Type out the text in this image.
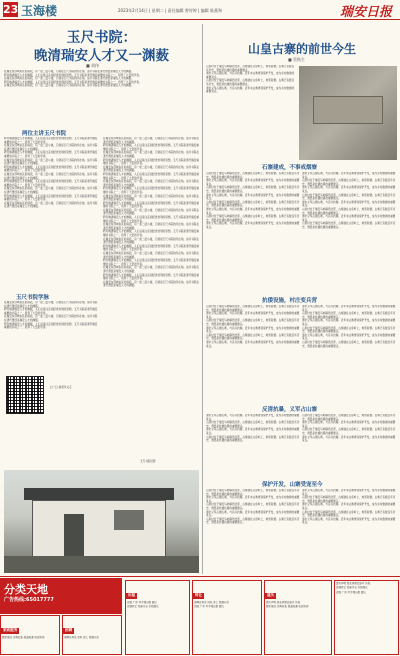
23 玉海楼	2023年2月14日 | 星期二 | 责任编辑 曾妤婷 | 编辑 陈燕和	瑞安日报
玉尺书院：
晚清瑞安人才又一渊薮
■ 胡伟
在瑞安东部城东区的南段，有一座二层小楼，它就是玉尺书院的所在地。这所书院在清代曾经是瑞安人才的渊薮。
研究晚清瑞安人才的渊薮，人们总是注意到经世致用的思想。玉尺书院是清代瑞安重要的书院之一，培养了大量的学者。
在瑞安东部城东区的南段，有一座二层小楼，它就是玉尺书院的所在地。这所书院在清代曾经是瑞安人才的渊薮。
研究晚清瑞安人才的渊薮，人们总是注意到经世致用的思想。玉尺书院是清代瑞安重要的书院之一，培养了大量的学者。
在瑞安东部城东区的南段，有一座二层小楼，它就是玉尺书院的所在地。这所书院在清代曾经是瑞安人才的渊薮。
两位主讲玉尺书院
研究晚清瑞安人才的渊薮，人们总是注意到经世致用的思想。玉尺书院是清代瑞安重要的书院之一，培养了大量的学者。
在瑞安东部城东区的南段，有一座二层小楼，它就是玉尺书院的所在地。这所书院在清代曾经是瑞安人才的渊薮。
研究晚清瑞安人才的渊薮，人们总是注意到经世致用的思想。玉尺书院是清代瑞安重要的书院之一，培养了大量的学者。
在瑞安东部城东区的南段，有一座二层小楼，它就是玉尺书院的所在地。这所书院在清代曾经是瑞安人才的渊薮。
研究晚清瑞安人才的渊薮，人们总是注意到经世致用的思想。玉尺书院是清代瑞安重要的书院之一，培养了大量的学者。
在瑞安东部城东区的南段，有一座二层小楼，它就是玉尺书院的所在地。这所书院在清代曾经是瑞安人才的渊薮。
研究晚清瑞安人才的渊薮，人们总是注意到经世致用的思想。玉尺书院是清代瑞安重要的书院之一，培养了大量的学者。
在瑞安东部城东区的南段，有一座二层小楼，它就是玉尺书院的所在地。这所书院在清代曾经是瑞安人才的渊薮。
研究晚清瑞安人才的渊薮，人们总是注意到经世致用的思想。玉尺书院是清代瑞安重要的书院之一，培养了大量的学者。
在瑞安东部城东区的南段，有一座二层小楼，它就是玉尺书院的所在地。这所书院在清代曾经是瑞安人才的渊薮。
在瑞安东部城东区的南段，有一座二层小楼，它就是玉尺书院的所在地。这所书院在清代曾经是瑞安人才的渊薮。
研究晚清瑞安人才的渊薮，人们总是注意到经世致用的思想。玉尺书院是清代瑞安重要的书院之一，培养了大量的学者。
在瑞安东部城东区的南段，有一座二层小楼，它就是玉尺书院的所在地。这所书院在清代曾经是瑞安人才的渊薮。
研究晚清瑞安人才的渊薮，人们总是注意到经世致用的思想。玉尺书院是清代瑞安重要的书院之一，培养了大量的学者。
在瑞安东部城东区的南段，有一座二层小楼，它就是玉尺书院的所在地。这所书院在清代曾经是瑞安人才的渊薮。
研究晚清瑞安人才的渊薮，人们总是注意到经世致用的思想。玉尺书院是清代瑞安重要的书院之一，培养了大量的学者。
在瑞安东部城东区的南段，有一座二层小楼，它就是玉尺书院的所在地。这所书院在清代曾经是瑞安人才的渊薮。
研究晚清瑞安人才的渊薮，人们总是注意到经世致用的思想。玉尺书院是清代瑞安重要的书院之一，培养了大量的学者。
在瑞安东部城东区的南段，有一座二层小楼，它就是玉尺书院的所在地。这所书院在清代曾经是瑞安人才的渊薮。
研究晚清瑞安人才的渊薮，人们总是注意到经世致用的思想。玉尺书院是清代瑞安重要的书院之一，培养了大量的学者。
在瑞安东部城东区的南段，有一座二层小楼，它就是玉尺书院的所在地。这所书院在清代曾经是瑞安人才的渊薮。
研究晚清瑞安人才的渊薮，人们总是注意到经世致用的思想。玉尺书院是清代瑞安重要的书院之一，培养了大量的学者。
在瑞安东部城东区的南段，有一座二层小楼，它就是玉尺书院的所在地。这所书院在清代曾经是瑞安人才的渊薮。
研究晚清瑞安人才的渊薮，人们总是注意到经世致用的思想。玉尺书院是清代瑞安重要的书院之一，培养了大量的学者。
在瑞安东部城东区的南段，有一座二层小楼，它就是玉尺书院的所在地。这所书院在清代曾经是瑞安人才的渊薮。
研究晚清瑞安人才的渊薮，人们总是注意到经世致用的思想。玉尺书院是清代瑞安重要的书院之一，培养了大量的学者。
在瑞安东部城东区的南段，有一座二层小楼，它就是玉尺书院的所在地。这所书院在清代曾经是瑞安人才的渊薮。
研究晚清瑞安人才的渊薮，人们总是注意到经世致用的思想。玉尺书院是清代瑞安重要的书院之一，培养了大量的学者。
在瑞安东部城东区的南段，有一座二层小楼，它就是玉尺书院的所在地。这所书院在清代曾经是瑞安人才的渊薮。
研究晚清瑞安人才的渊薮，人们总是注意到经世致用的思想。玉尺书院是清代瑞安重要的书院之一，培养了大量的学者。
在瑞安东部城东区的南段，有一座二层小楼，它就是玉尺书院的所在地。这所书院在清代曾经是瑞安人才的渊薮。
玉尺书院学脉
在瑞安东部城东区的南段，有一座二层小楼，它就是玉尺书院的所在地。这所书院在清代曾经是瑞安人才的渊薮。
研究晚清瑞安人才的渊薮，人们总是注意到经世致用的思想。玉尺书院是清代瑞安重要的书院之一，培养了大量的学者。
在瑞安东部城东区的南段，有一座二层小楼，它就是玉尺书院的所在地。这所书院在清代曾经是瑞安人才的渊薮。
研究晚清瑞安人才的渊薮，人们总是注意到经世致用的思想。玉尺书院是清代瑞安重要的书院之一，培养了大量的学者。
扫一扫 看更多文章
玉尺书院旧影
山皇古寨的前世今生
■ 蔡秋生
山皇村位于瑞安马屿镇西北部，古寨建在山皇岭上，地势险要。古寨已有数百年历史，曾经是抗倭抗暴的重要据点。
清末义军占据山寨，与官兵抗衡。近年来古寨得到保护开发，成为乡村旅游的重要景点。
山皇村位于瑞安马屿镇西北部，古寨建在山皇岭上，地势险要。古寨已有数百年历史，曾经是抗倭抗暴的重要据点。
清末义军占据山寨，与官兵抗衡。近年来古寨得到保护开发，成为乡村旅游的重要景点。
石寨建成，不事戒烟寮
山皇村位于瑞安马屿镇西北部，古寨建在山皇岭上，地势险要。古寨已有数百年历史，曾经是抗倭抗暴的重要据点。
清末义军占据山寨，与官兵抗衡。近年来古寨得到保护开发，成为乡村旅游的重要景点。
山皇村位于瑞安马屿镇西北部，古寨建在山皇岭上，地势险要。古寨已有数百年历史，曾经是抗倭抗暴的重要据点。
清末义军占据山寨，与官兵抗衡。近年来古寨得到保护开发，成为乡村旅游的重要景点。
山皇村位于瑞安马屿镇西北部，古寨建在山皇岭上，地势险要。古寨已有数百年历史，曾经是抗倭抗暴的重要据点。
清末义军占据山寨，与官兵抗衡。近年来古寨得到保护开发，成为乡村旅游的重要景点。
山皇村位于瑞安马屿镇西北部，古寨建在山皇岭上，地势险要。古寨已有数百年历史，曾经是抗倭抗暴的重要据点。
清末义军占据山寨，与官兵抗衡。近年来古寨得到保护开发，成为乡村旅游的重要景点。
清末义军占据山寨，与官兵抗衡。近年来古寨得到保护开发，成为乡村旅游的重要景点。
山皇村位于瑞安马屿镇西北部，古寨建在山皇岭上，地势险要。古寨已有数百年历史，曾经是抗倭抗暴的重要据点。
清末义军占据山寨，与官兵抗衡。近年来古寨得到保护开发，成为乡村旅游的重要景点。
山皇村位于瑞安马屿镇西北部，古寨建在山皇岭上，地势险要。古寨已有数百年历史，曾经是抗倭抗暴的重要据点。
清末义军占据山寨，与官兵抗衡。近年来古寨得到保护开发，成为乡村旅游的重要景点。
山皇村位于瑞安马屿镇西北部，古寨建在山皇岭上，地势险要。古寨已有数百年历史，曾经是抗倭抗暴的重要据点。
清末义军占据山寨，与官兵抗衡。近年来古寨得到保护开发，成为乡村旅游的重要景点。
山皇村位于瑞安马屿镇西北部，古寨建在山皇岭上，地势险要。古寨已有数百年历史，曾经是抗倭抗暴的重要据点。
抗倭设施，村庄变兵营
山皇村位于瑞安马屿镇西北部，古寨建在山皇岭上，地势险要。古寨已有数百年历史，曾经是抗倭抗暴的重要据点。
清末义军占据山寨，与官兵抗衡。近年来古寨得到保护开发，成为乡村旅游的重要景点。
山皇村位于瑞安马屿镇西北部，古寨建在山皇岭上，地势险要。古寨已有数百年历史，曾经是抗倭抗暴的重要据点。
清末义军占据山寨，与官兵抗衡。近年来古寨得到保护开发，成为乡村旅游的重要景点。
山皇村位于瑞安马屿镇西北部，古寨建在山皇岭上，地势险要。古寨已有数百年历史，曾经是抗倭抗暴的重要据点。
清末义军占据山寨，与官兵抗衡。近年来古寨得到保护开发，成为乡村旅游的重要景点。
清末义军占据山寨，与官兵抗衡。近年来古寨得到保护开发，成为乡村旅游的重要景点。
山皇村位于瑞安马屿镇西北部，古寨建在山皇岭上，地势险要。古寨已有数百年历史，曾经是抗倭抗暴的重要据点。
清末义军占据山寨，与官兵抗衡。近年来古寨得到保护开发，成为乡村旅游的重要景点。
山皇村位于瑞安马屿镇西北部，古寨建在山皇岭上，地势险要。古寨已有数百年历史，曾经是抗倭抗暴的重要据点。
清末义军占据山寨，与官兵抗衡。近年来古寨得到保护开发，成为乡村旅游的重要景点。
山皇村位于瑞安马屿镇西北部，古寨建在山皇岭上，地势险要。古寨已有数百年历史，曾经是抗倭抗暴的重要据点。
反清抗暴，义军占山寨
清末义军占据山寨，与官兵抗衡。近年来古寨得到保护开发，成为乡村旅游的重要景点。
山皇村位于瑞安马屿镇西北部，古寨建在山皇岭上，地势险要。古寨已有数百年历史，曾经是抗倭抗暴的重要据点。
清末义军占据山寨，与官兵抗衡。近年来古寨得到保护开发，成为乡村旅游的重要景点。
山皇村位于瑞安马屿镇西北部，古寨建在山皇岭上，地势险要。古寨已有数百年历史，曾经是抗倭抗暴的重要据点。
山皇村位于瑞安马屿镇西北部，古寨建在山皇岭上，地势险要。古寨已有数百年历史，曾经是抗倭抗暴的重要据点。
清末义军占据山寨，与官兵抗衡。近年来古寨得到保护开发，成为乡村旅游的重要景点。
山皇村位于瑞安马屿镇西北部，古寨建在山皇岭上，地势险要。古寨已有数百年历史，曾经是抗倭抗暴的重要据点。
清末义军占据山寨，与官兵抗衡。近年来古寨得到保护开发，成为乡村旅游的重要景点。
保护开发，山寨受宠至今
山皇村位于瑞安马屿镇西北部，古寨建在山皇岭上，地势险要。古寨已有数百年历史，曾经是抗倭抗暴的重要据点。
清末义军占据山寨，与官兵抗衡。近年来古寨得到保护开发，成为乡村旅游的重要景点。
山皇村位于瑞安马屿镇西北部，古寨建在山皇岭上，地势险要。古寨已有数百年历史，曾经是抗倭抗暴的重要据点。
清末义军占据山寨，与官兵抗衡。近年来古寨得到保护开发，成为乡村旅游的重要景点。
山皇村位于瑞安马屿镇西北部，古寨建在山皇岭上，地势险要。古寨已有数百年历史，曾经是抗倭抗暴的重要据点。
清末义军占据山寨，与官兵抗衡。近年来古寨得到保护开发，成为乡村旅游的重要景点。
山皇村位于瑞安马屿镇西北部，古寨建在山皇岭上，地势险要。古寨已有数百年历史，曾经是抗倭抗暴的重要据点。
清末义军占据山寨，与官兵抗衡。近年来古寨得到保护开发，成为乡村旅游的重要景点。
山皇村位于瑞安马屿镇西北部，古寨建在山皇岭上，地势险要。古寨已有数百年历史，曾经是抗倭抗暴的重要据点。
清末义军占据山寨，与官兵抗衡。近年来古寨得到保护开发，成为乡村旅游的重要景点。
分类天地
广告热线:65017777
家政服务
搬家保洁 空调安装 管道疏通 电话咨询
招聘
诚聘业务员 司机 普工 待遇从优
出租
店面 厂房 写字楼出租 面议
店铺转让 设备齐全 价格面议
转让
诚聘业务员 司机 普工 待遇从优
店面 厂房 写字楼出租 面议
遗失
遗失声明 营业执照正副本 作废
搬家保洁 空调安装 管道疏通 电话咨询
遗失声明 营业执照正副本 作废
店铺转让 设备齐全 价格面议
店面 厂房 写字楼出租 面议
